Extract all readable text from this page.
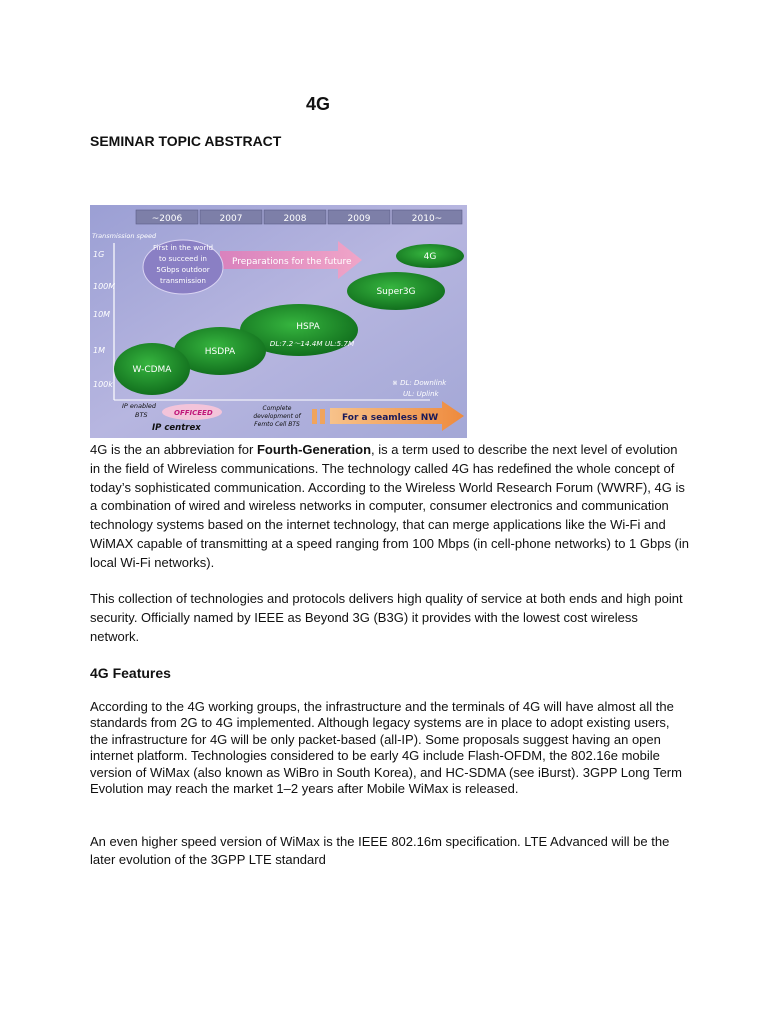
4G
SEMINAR TOPIC ABSTRACT
~2006	2007	2008	2009	2010~
Transmission speed
1G
100M
10M
1M
100k
Preparations for the future
First in the world
to succeed in
5Gbps outdoor
transmission
4G
Super3G
HSPA
DL:7.2～14.4M UL:5.7M
HSDPA
W-CDMA
※ DL: Downlink
UL: Uplink
IP enabled
BTS	OFFICEED
IP centrex
Complete
development of
Femto Cell BTS
For a seamless NW

4G is the an abbreviation for Fourth-Generation, is a term used to describe the next level of evolution in the field of Wireless communications. The technology called 4G has redefined the whole concept of today’s sophisticated communication. According to the Wireless World Research Forum (WWRF), 4G is a combination of wired and wireless networks in computer, consumer electronics and communication technology systems based on the internet technology, that can merge applications like the Wi-Fi and WiMAX capable of transmitting at a speed ranging from 100 Mbps (in cell-phone networks) to 1 Gbps (in local Wi-Fi networks).

This collection of technologies and protocols delivers high quality of service at both ends and high point security. Officially named by IEEE as Beyond 3G (B3G) it provides with the lowest cost wireless network.

4G Features

According to the 4G working groups, the infrastructure and the terminals of 4G will have almost all the standards from 2G to 4G implemented. Although legacy systems are in place to adopt existing users, the infrastructure for 4G will be only packet-based (all-IP). Some proposals suggest having an open internet platform. Technologies considered to be early 4G include Flash-OFDM, the 802.16e mobile version of WiMax (also known as WiBro in South Korea), and HC-SDMA (see iBurst). 3GPP Long Term Evolution may reach the market 1–2 years after Mobile WiMax is released.

An even higher speed version of WiMax is the IEEE 802.16m specification. LTE Advanced will be the later evolution of the 3GPP LTE standard
